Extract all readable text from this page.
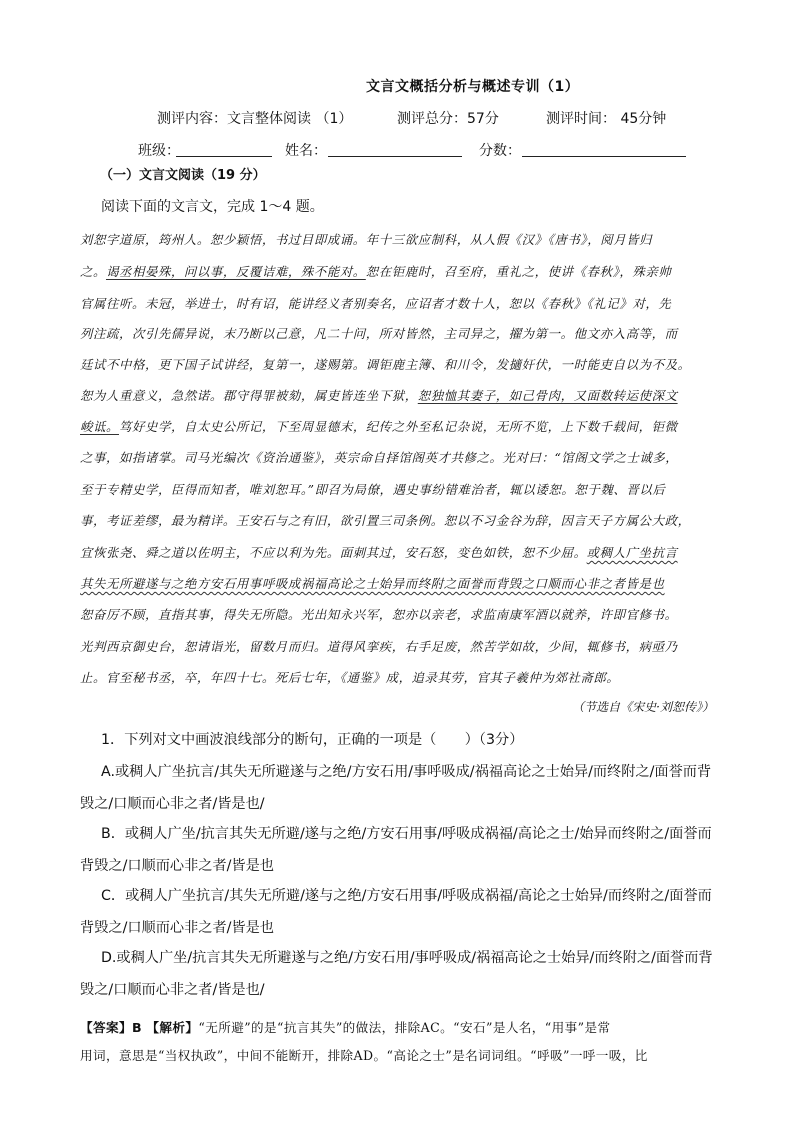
文言文概括分析与概述专训（1）
测评内容：文言整体阅读 （1）	测评总分：57分	测评时间： 45分钟
班级：	姓名：	分数：
（一）文言文阅读（19 分）
阅读下面的文言文，完成 1～4 题。
刘恕字道原，筠州人。恕少颖悟，书过目即成诵。年十三欲应制科，从人假《汉》《唐书》，阅月皆归
之。谒丞相晏殊，问以事，反覆诘难，殊不能对。恕在钜鹿时，召至府，重礼之，使讲《春秋》，殊亲帅
官属往听。未冠，举进士，时有诏，能讲经义者别奏名，应诏者才数十人，恕以《春秋》《礼记》对，先
列注疏，次引先儒异说，末乃断以己意，凡二十问，所对皆然，主司异之，擢为第一。他文亦入高等，而
廷试不中格，更下国子试讲经，复第一，遂赐第。调钜鹿主簿、和川令，发擿奸伏，一时能吏自以为不及。
恕为人重意义，急然诺。郡守得罪被劾，属吏皆连坐下狱，恕独恤其妻子，如己骨肉，又面数转运使深文
峻诋。笃好史学，自太史公所记，下至周显德末，纪传之外至私记杂说，无所不览，上下数千载间，钜微
之事，如指诸掌。司马光编次《资治通鉴》，英宗命自择馆阁英才共修之。光对曰：“馆阁文学之士诚多，
至于专精史学，臣得而知者，唯刘恕耳。”即召为局僚，遇史事纷错难治者，辄以诿恕。恕于魏、晋以后
事，考证差缪，最为精详。王安石与之有旧，欲引置三司条例。恕以不习金谷为辞，因言天子方属公大政，
宜恢张尧、舜之道以佐明主，不应以利为先。面刺其过，安石怒，变色如铁，恕不少屈。或稠人广坐抗言
其失无所避遂与之绝方安石用事呼吸成祸福高论之士始异而终附之面誉而背毁之口顺而心非之者皆是也
恕奋厉不顾，直指其事，得失无所隐。光出知永兴军，恕亦以亲老，求监南康军酒以就养，许即官修书。
光判西京御史台，恕请诣光，留数月而归。道得风挛疾，右手足废，然苦学如故，少间，辄修书，病亟乃
止。官至秘书丞，卒，年四十七。死后七年，《通鉴》成，追录其劳，官其子羲仲为郊社斋郎。
（节选自《宋史·刘恕传》）
1．下列对文中画波浪线部分的断句，正确的一项是（　　）（3分）
A.或稠人广坐抗言/其失无所避遂与之绝/方安石用/事呼吸成/祸福高论之士始异/而终附之/面誉而背
毁之/口顺而心非之者/皆是也/
B．或稠人广坐/抗言其失无所避/遂与之绝/方安石用事/呼吸成祸福/高论之士/始异而终附之/面誉而
背毁之/口顺而心非之者/皆是也
C．或稠人广坐抗言/其失无所避/遂与之绝/方安石用事/呼吸成祸福/高论之士始异/而终附之/面誉而
背毁之/口顺而心非之者/皆是也
D.或稠人广坐/抗言其失无所避遂与之绝/方安石用/事呼吸成/祸福高论之士始异/而终附之/面誉而背
毁之/口顺而心非之者/皆是也/
【答案】B 【解析】“无所避”的是“抗言其失”的做法，排除AC。“安石”是人名，“用事”是常
用词，意思是“当权执政”，中间不能断开，排除AD。“高论之士”是名词词组。“呼吸”一呼一吸，比
